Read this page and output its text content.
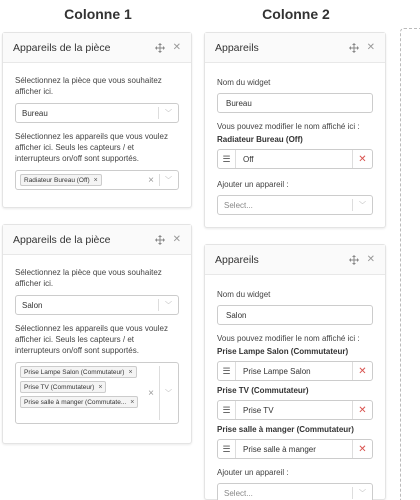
Colonne 1	Colonne 2
Appareils de la pièce	✕
Sélectionnez la pièce que vous souhaitez afficher ici.
Bureau	﹀
Sélectionnez les appareils que vous voulez afficher ici. Seuls les capteurs / et interrupteurs on/off sont supportés.
Radiateur Bureau (Off) ×	× ﹀
Appareils de la pièce	✕
Sélectionnez la pièce que vous souhaitez afficher ici.
Salon	﹀
Sélectionnez les appareils que vous voulez afficher ici. Seuls les capteurs / et interrupteurs on/off sont supportés.
Prise Lampe Salon (Commutateur) ×
Prise TV (Commutateur) ×
Prise salle à manger (Commutate... ×
× ﹀
Appareils	✕
Nom du widget
Bureau
Vous pouvez modifier le nom affiché ici :
Radiateur Bureau (Off)
☰	Off	✕
Ajouter un appareil :
Select...	﹀
Appareils	✕
Nom du widget
Salon
Vous pouvez modifier le nom affiché ici :
Prise Lampe Salon (Commutateur)
☰	Prise Lampe Salon	✕
Prise TV (Commutateur)
☰	Prise TV	✕
Prise salle à manger (Commutateur)
☰	Prise salle à manger	✕
Ajouter un appareil :
Select...	﹀
